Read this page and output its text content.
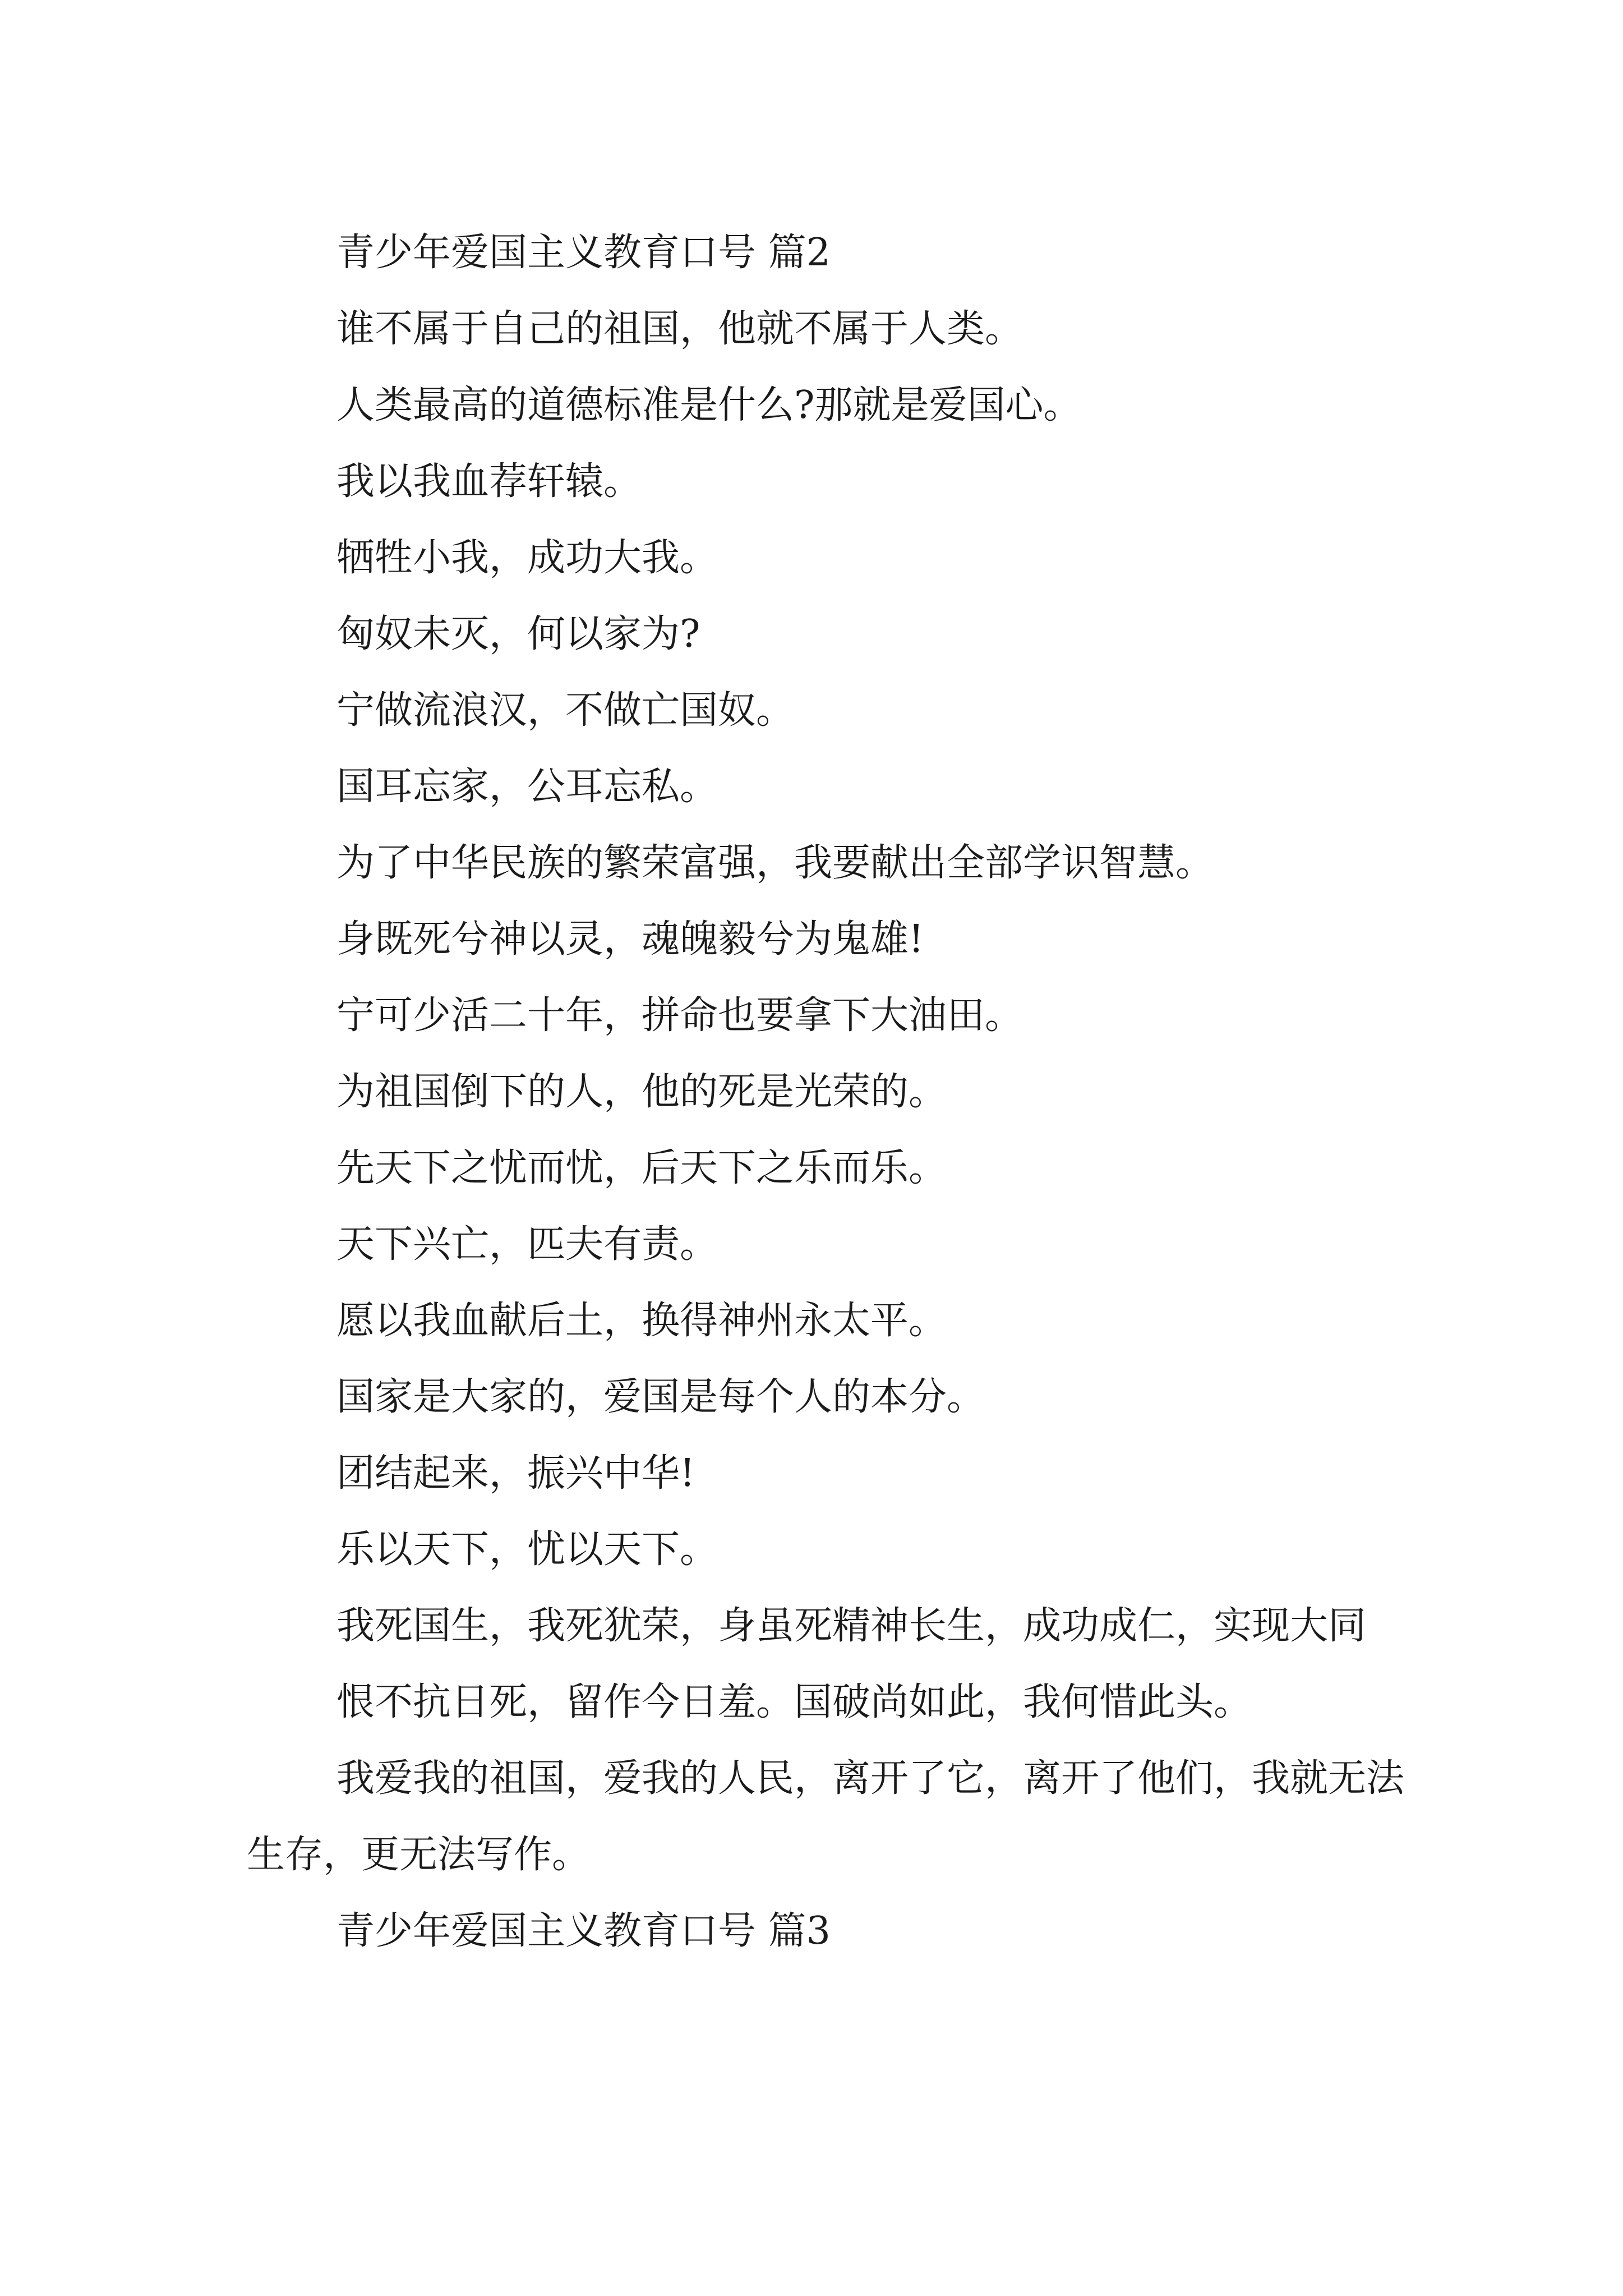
青少年爱国主义教育口号 篇2

谁不属于自己的祖国，他就不属于人类。

人类最高的道德标准是什么?那就是爱国心。

我以我血荐轩辕。

牺牲小我，成功大我。

匈奴未灭，何以家为?

宁做流浪汉，不做亡国奴。

国耳忘家，公耳忘私。

为了中华民族的繁荣富强，我要献出全部学识智慧。

身既死兮神以灵，魂魄毅兮为鬼雄!

宁可少活二十年，拼命也要拿下大油田。

为祖国倒下的人，他的死是光荣的。

先天下之忧而忧，后天下之乐而乐。

天下兴亡，匹夫有责。

愿以我血献后土，换得神州永太平。

国家是大家的，爱国是每个人的本分。

团结起来，振兴中华!

乐以天下，忧以天下。

我死国生，我死犹荣，身虽死精神长生，成功成仁，实现大同

恨不抗日死，留作今日羞。国破尚如此，我何惜此头。

我爱我的祖国，爱我的人民，离开了它，离开了他们，我就无法生存，更无法写作。

青少年爱国主义教育口号 篇3
